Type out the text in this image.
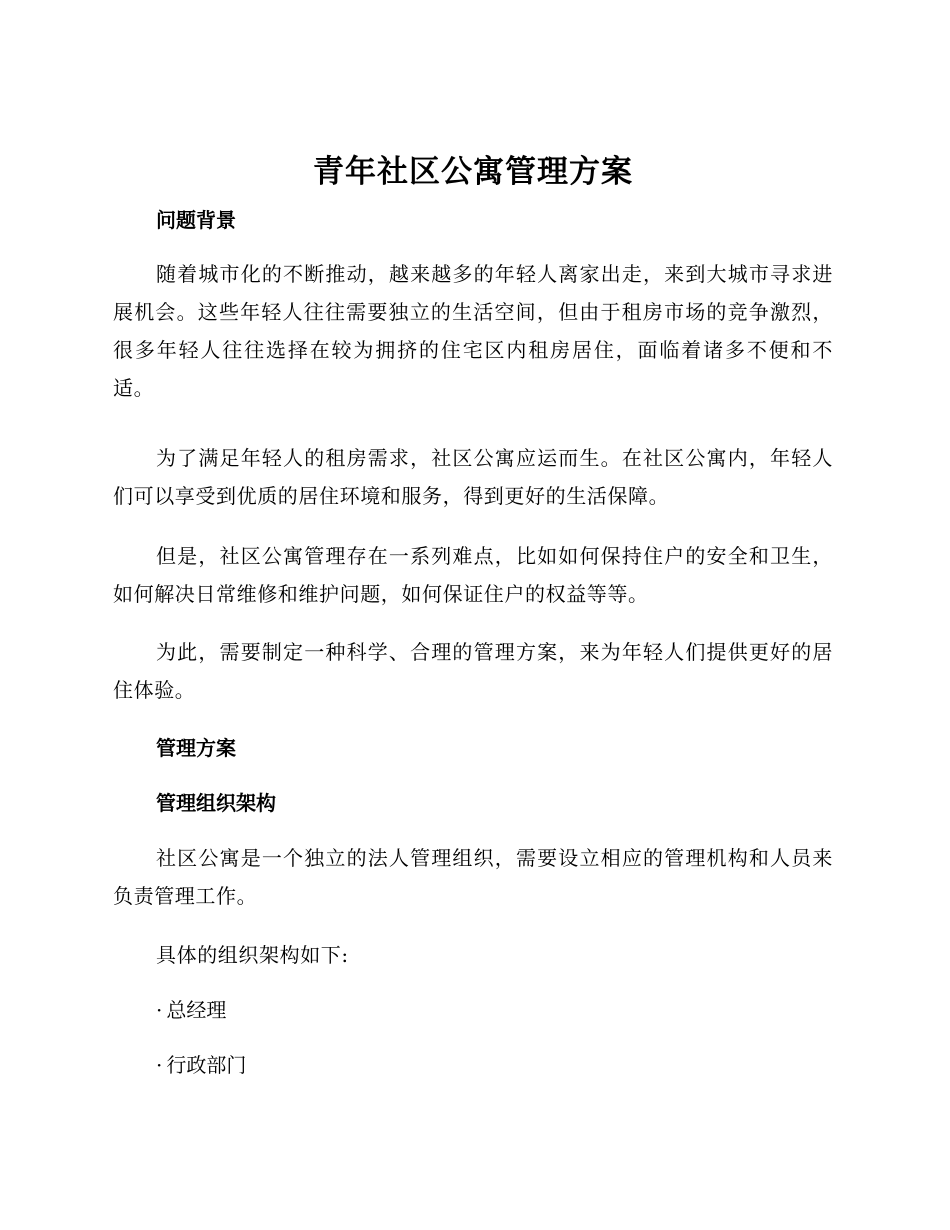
青年社区公寓管理方案
问题背景
随着城市化的不断推动，越来越多的年轻人离家出走，来到大城市寻求进展机会。这些年轻人往往需要独立的生活空间，但由于租房市场的竞争激烈，很多年轻人往往选择在较为拥挤的住宅区内租房居住，面临着诸多不便和不适。
为了满足年轻人的租房需求，社区公寓应运而生。在社区公寓内，年轻人们可以享受到优质的居住环境和服务，得到更好的生活保障。
但是，社区公寓管理存在一系列难点，比如如何保持住户的安全和卫生，如何解决日常维修和维护问题，如何保证住户的权益等等。
为此，需要制定一种科学、合理的管理方案，来为年轻人们提供更好的居住体验。
管理方案
管理组织架构
社区公寓是一个独立的法人管理组织，需要设立相应的管理机构和人员来负责管理工作。
具体的组织架构如下:
· 总经理
· 行政部门
